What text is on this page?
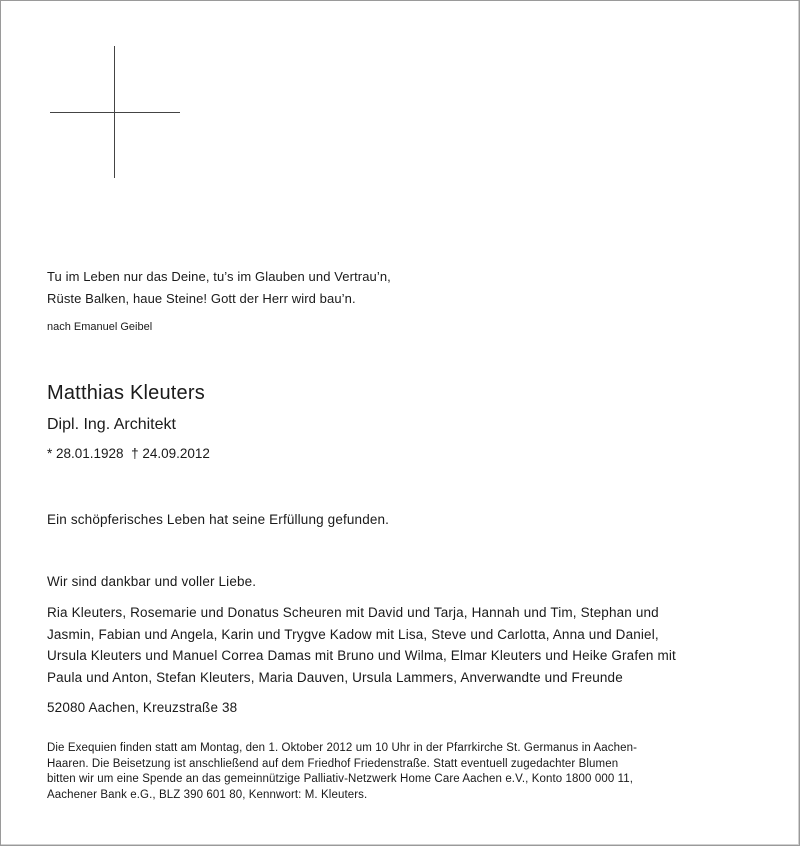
Tu im Leben nur das Deine, tu’s im Glauben und Vertrau’n,
Rüste Balken, haue Steine! Gott der Herr wird bau’n.
nach Emanuel Geibel
Matthias Kleuters
Dipl. Ing. Architekt
* 28.01.1928  † 24.09.2012
Ein schöpferisches Leben hat seine Erfüllung gefunden.
Wir sind dankbar und voller Liebe.
Ria Kleuters, Rosemarie und Donatus Scheuren mit David und Tarja, Hannah und Tim, Stephan und
Jasmin, Fabian und Angela, Karin und Trygve Kadow mit Lisa, Steve und Carlotta, Anna und Daniel,
Ursula Kleuters und Manuel Correa Damas mit Bruno und Wilma, Elmar Kleuters und Heike Grafen mit
Paula und Anton, Stefan Kleuters, Maria Dauven, Ursula Lammers, Anverwandte und Freunde
52080 Aachen, Kreuzstraße 38
Die Exequien finden statt am Montag, den 1. Oktober 2012 um 10 Uhr in der Pfarrkirche St. Germanus in Aachen-
Haaren. Die Beisetzung ist anschließend auf dem Friedhof Friedenstraße. Statt eventuell zugedachter Blumen
bitten wir um eine Spende an das gemeinnützige Palliativ-Netzwerk Home Care Aachen e.V., Konto 1800 000 11,
Aachener Bank e.G., BLZ 390 601 80, Kennwort: M. Kleuters.
